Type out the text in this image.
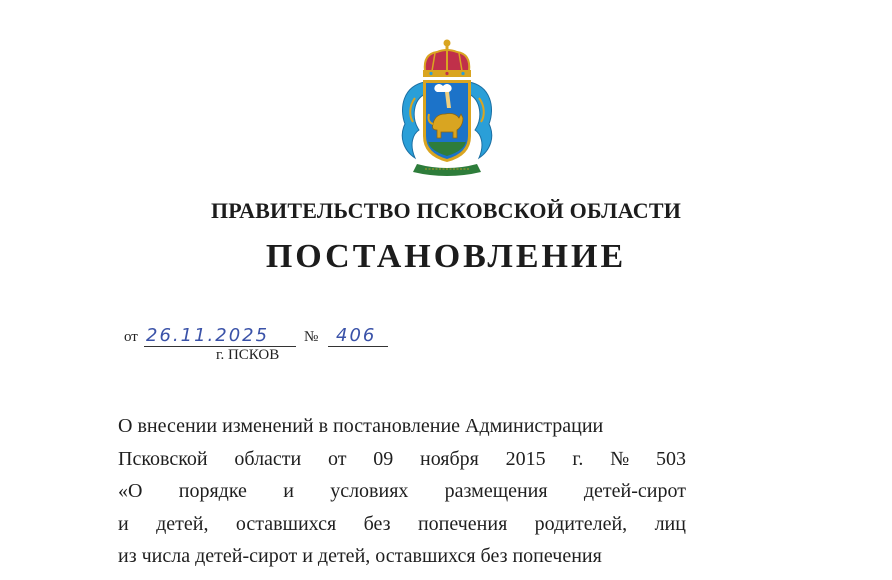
ПРАВИТЕЛЬСТВО ПСКОВСКОЙ ОБЛАСТИ
ПОСТАНОВЛЕНИЕ
от 26.11.2025 № 406
г. ПСКОВ
О внесении изменений в постановление Администрации
Псковской области от 09 ноября 2015 г. № 503
«О порядке и условиях размещения детей-сирот
и детей, оставшихся без попечения родителей, лиц
из числа детей-сирот и детей, оставшихся без попечения
